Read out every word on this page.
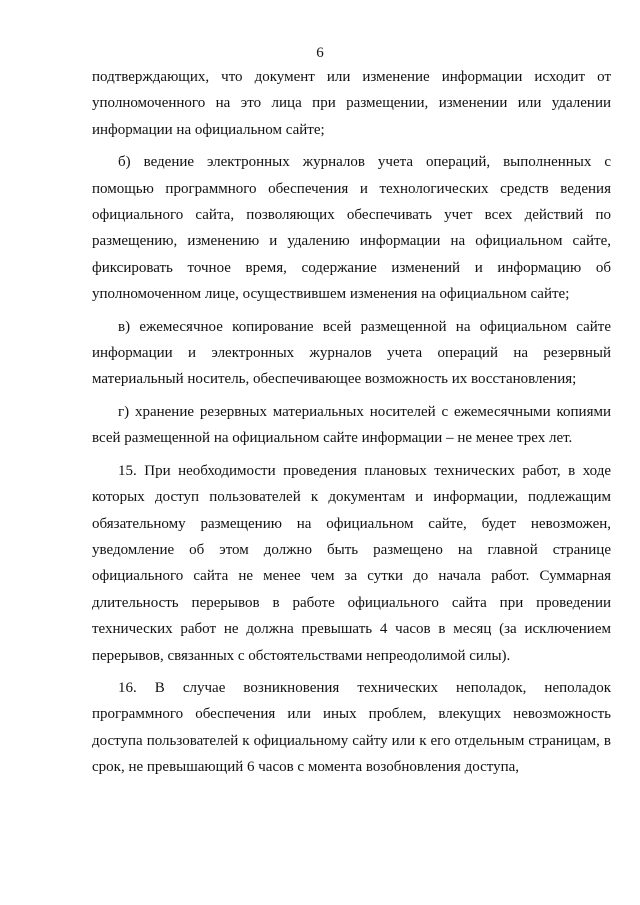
6

подтверждающих, что документ или изменение информации исходит от уполномоченного на это лица при размещении, изменении или удалении информации на официальном сайте;

б) ведение электронных журналов учета операций, выполненных с помощью программного обеспечения и технологических средств ведения официального сайта, позволяющих обеспечивать учет всех действий по размещению, изменению и удалению информации на официальном сайте, фиксировать точное время, содержание изменений и информацию об уполномоченном лице, осуществившем изменения на официальном сайте;

в) ежемесячное копирование всей размещенной на официальном сайте информации и электронных журналов учета операций на резервный материальный носитель, обеспечивающее возможность их восстановления;

г) хранение резервных материальных носителей с ежемесячными копиями всей размещенной на официальном сайте информации – не менее трех лет.

15. При необходимости проведения плановых технических работ, в ходе которых доступ пользователей к документам и информации, подлежащим обязательному размещению на официальном сайте, будет невозможен, уведомление об этом должно быть размещено на главной странице официального сайта не менее чем за сутки до начала работ. Суммарная длительность перерывов в работе официального сайта при проведении технических работ не должна превышать 4 часов в месяц (за исключением перерывов, связанных с обстоятельствами непреодолимой силы).

16. В случае возникновения технических неполадок, неполадок программного обеспечения или иных проблем, влекущих невозможность доступа пользователей к официальному сайту или к его отдельным страницам, в срок, не превышающий 6 часов с момента возобновления доступа,
